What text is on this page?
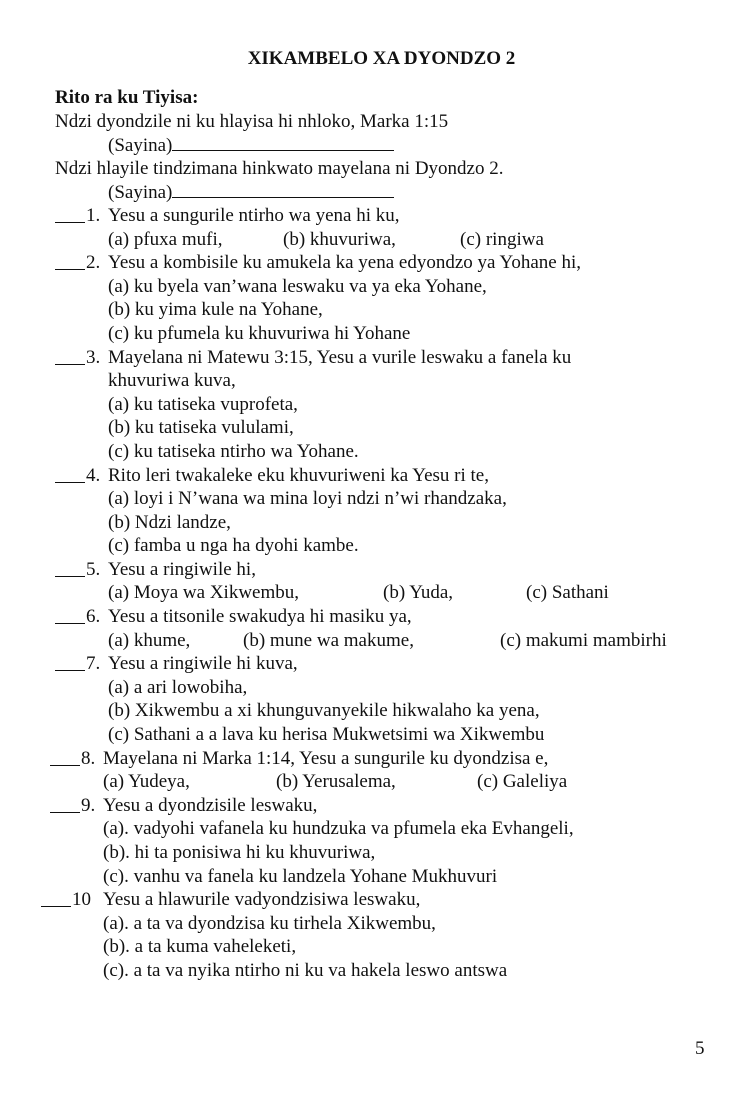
XIKAMBELO XA DYONDZO 2
Rito ra ku Tiyisa:
Ndzi dyondzile ni ku hlayisa hi nhloko, Marka 1:15
(Sayina)
Ndzi hlayile tindzimana hinkwato mayelana ni Dyondzo 2.
(Sayina)
1. Yesu a sungurile ntirho wa yena hi ku,
(a) pfuxa mufi,	(b) khuvuriwa,	(c) ringiwa
2. Yesu a kombisile ku amukela ka yena edyondzo ya Yohane hi,
(a) ku byela van’wana leswaku va ya eka Yohane,
(b) ku yima kule na Yohane,
(c) ku pfumela ku khuvuriwa hi Yohane
3. Mayelana ni Matewu 3:15, Yesu a vurile leswaku a fanela ku
khuvuriwa kuva,
(a) ku tatiseka vuprofeta,
(b) ku tatiseka vululami,
(c) ku tatiseka ntirho wa Yohane.
4. Rito leri twakaleke eku khuvuriweni ka Yesu ri te,
(a) loyi i N’wana wa mina loyi ndzi n’wi rhandzaka,
(b) Ndzi landze,
(c) famba u nga ha dyohi kambe.
5. Yesu a ringiwile hi,
(a) Moya wa Xikwembu,	(b) Yuda,	(c) Sathani
6. Yesu a titsonile swakudya hi masiku ya,
(a) khume,	(b) mune wa makume,	(c) makumi mambirhi
7. Yesu a ringiwile hi kuva,
(a) a ari lowobiha,
(b) Xikwembu a xi khunguvanyekile hikwalaho ka yena,
(c) Sathani a a lava ku herisa Mukwetsimi wa Xikwembu
8. Mayelana ni Marka 1:14, Yesu a sungurile ku dyondzisa e,
(a) Yudeya,	(b) Yerusalema,	(c) Galeliya
9. Yesu a dyondzisile leswaku,
(a). vadyohi vafanela ku hundzuka va pfumela eka Evhangeli,
(b). hi ta ponisiwa hi ku khuvuriwa,
(c). vanhu va fanela ku landzela Yohane Mukhuvuri
10 Yesu a hlawurile vadyondzisiwa leswaku,
(a). a ta va dyondzisa ku tirhela Xikwembu,
(b). a ta kuma vaheleketi,
(c). a ta va nyika ntirho ni ku va hakela leswo antswa
5
